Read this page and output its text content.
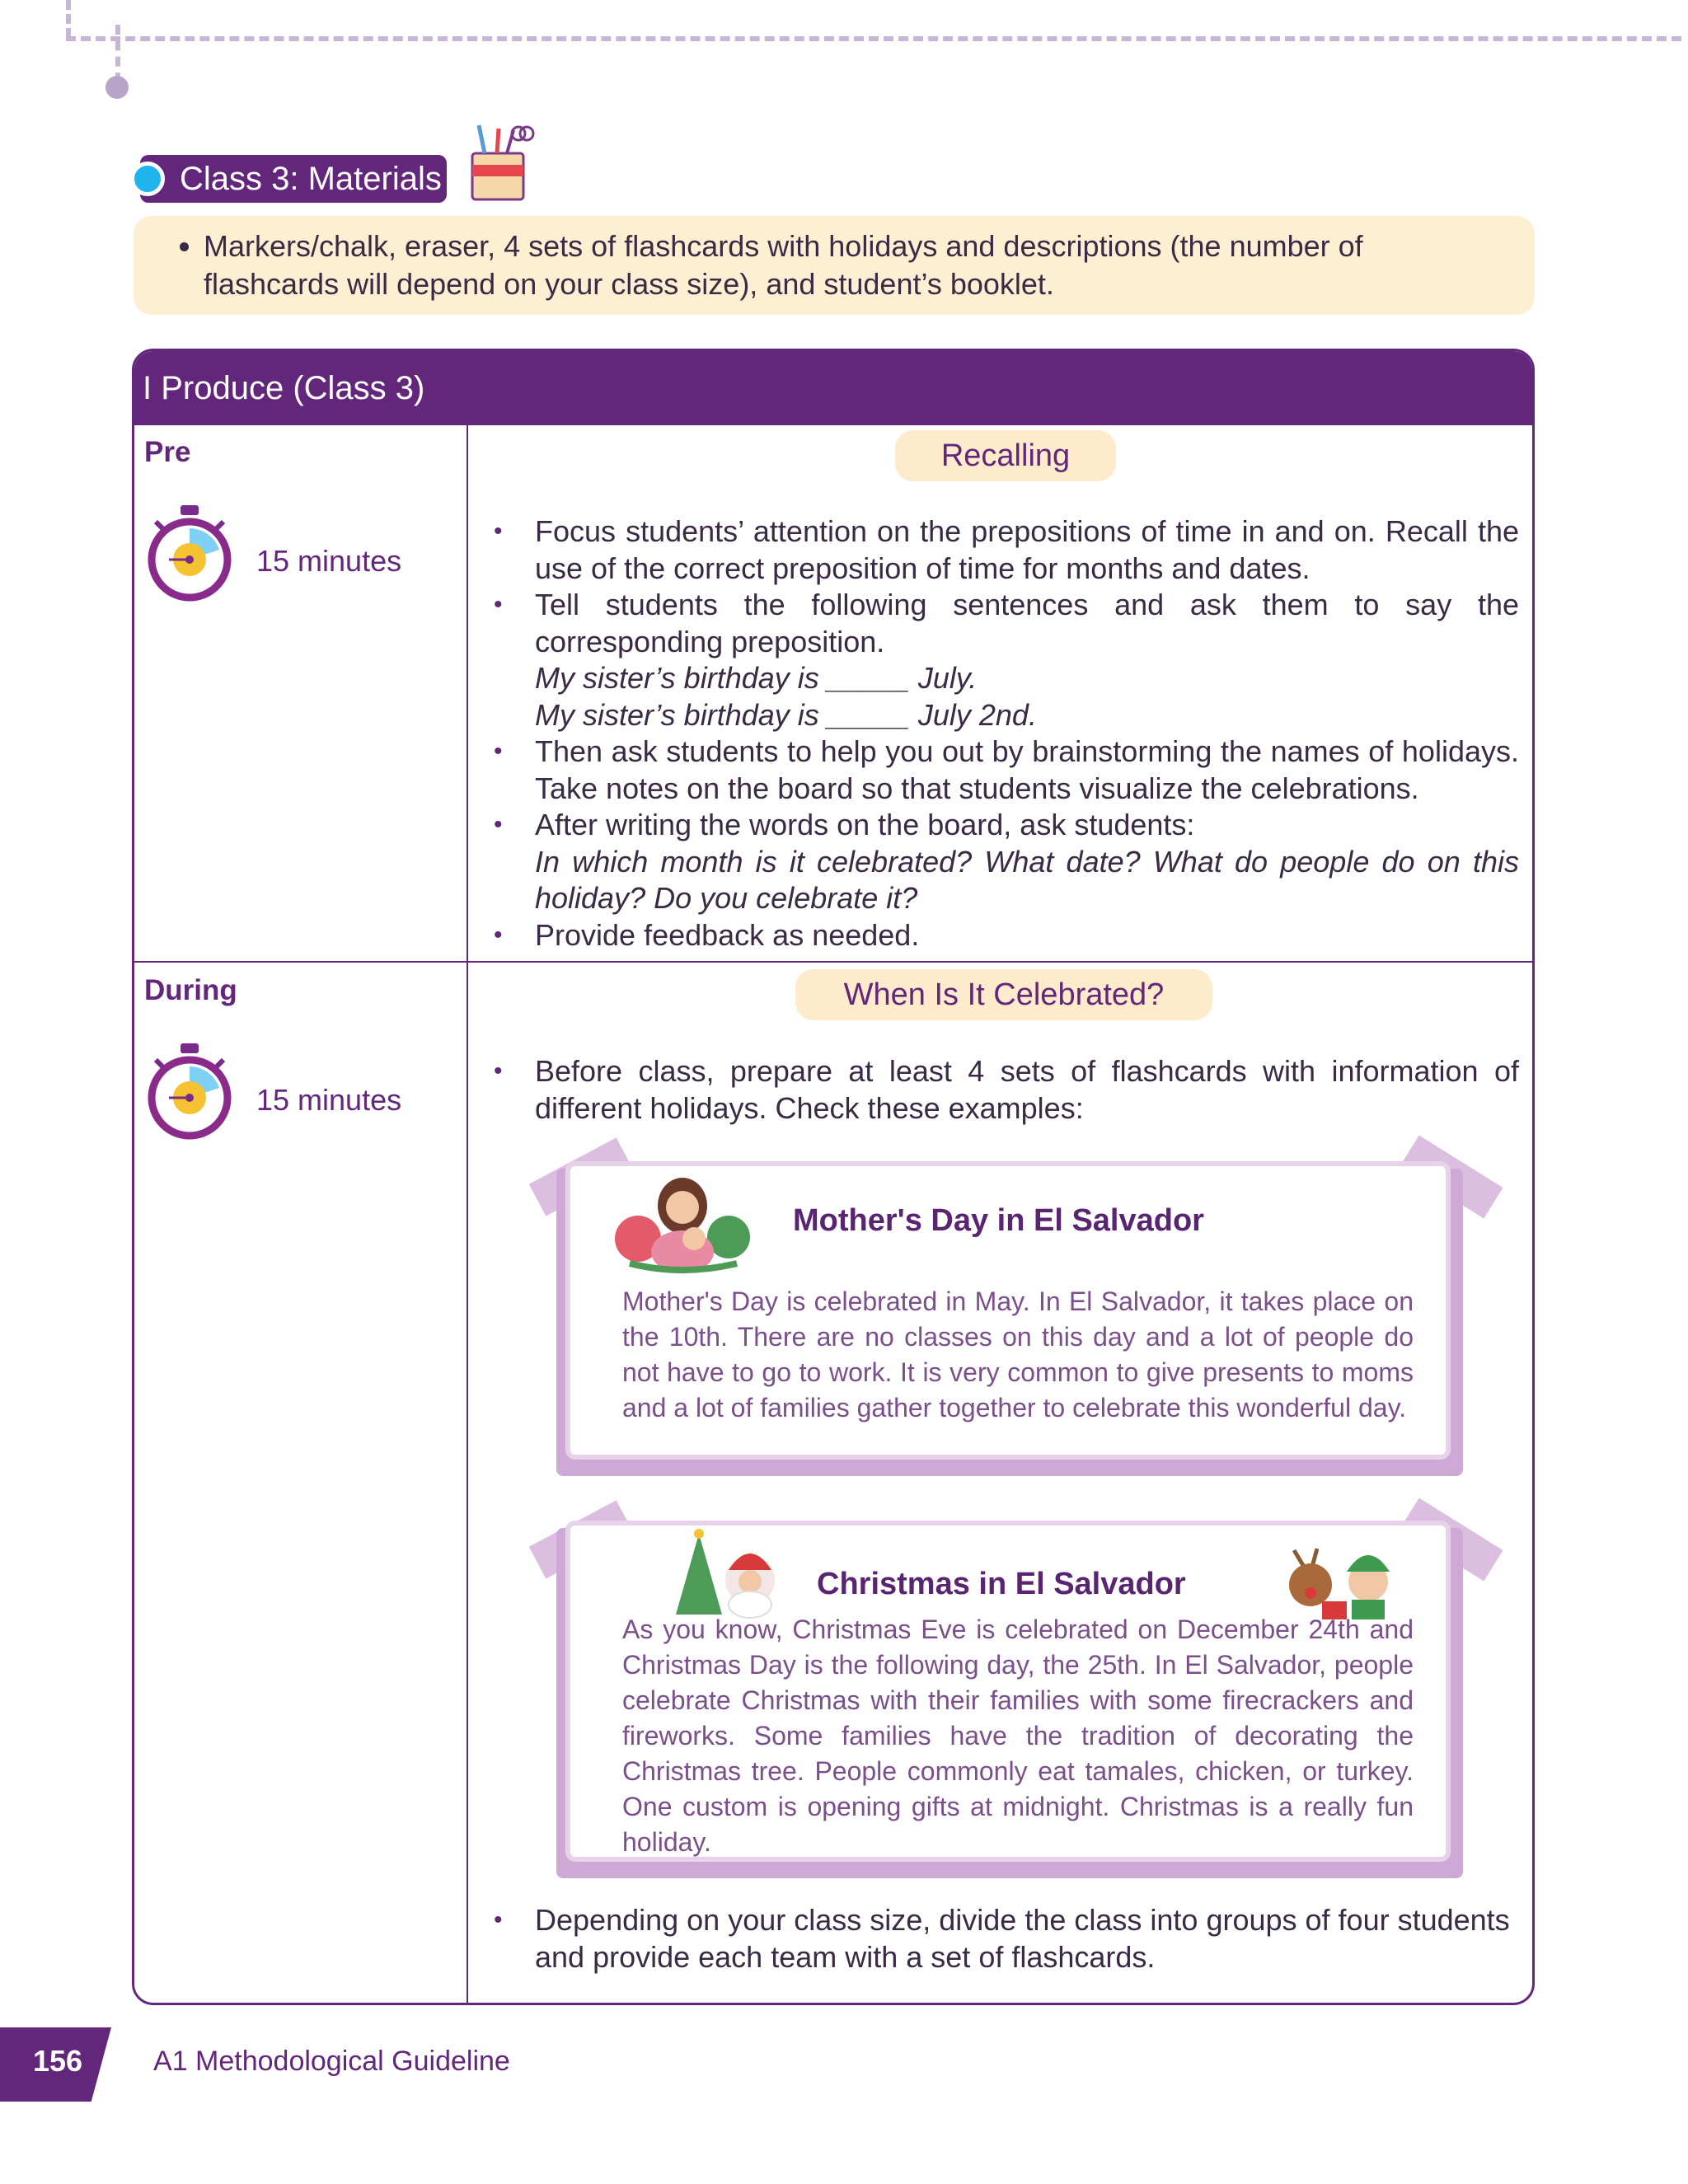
Class 3: Materials
• Markers/chalk, eraser, 4 sets of flashcards with holidays and descriptions (the number of flashcards will depend on your class size), and student’s booklet.
I Produce (Class 3)
Pre
15 minutes
Recalling
• Focus students’ attention on the prepositions of time in and on. Recall the use of the correct preposition of time for months and dates.
• Tell students the following sentences and ask them to say the corresponding preposition.
My sister’s birthday is _____ July.
My sister’s birthday is _____ July 2nd.
• Then ask students to help you out by brainstorming the names of holidays. Take notes on the board so that students visualize the celebrations.
• After writing the words on the board, ask students:
In which month is it celebrated? What date? What do people do on this holiday? Do you celebrate it?
• Provide feedback as needed.
During
15 minutes
When Is It Celebrated?
• Before class, prepare at least 4 sets of flashcards with information of different holidays. Check these examples:
Mother's Day in El Salvador
Mother's Day is celebrated in May. In El Salvador, it takes place on the 10th. There are no classes on this day and a lot of people do not have to go to work. It is very common to give presents to moms and a lot of families gather together to celebrate this wonderful day.
Christmas in El Salvador
As you know, Christmas Eve is celebrated on December 24th and Christmas Day is the following day, the 25th. In El Salvador, people celebrate Christmas with their families with some firecrackers and fireworks. Some families have the tradition of decorating the Christmas tree. People commonly eat tamales, chicken, or turkey. One custom is opening gifts at midnight. Christmas is a really fun holiday.
• Depending on your class size, divide the class into groups of four students and provide each team with a set of flashcards.
156	A1 Methodological Guideline
